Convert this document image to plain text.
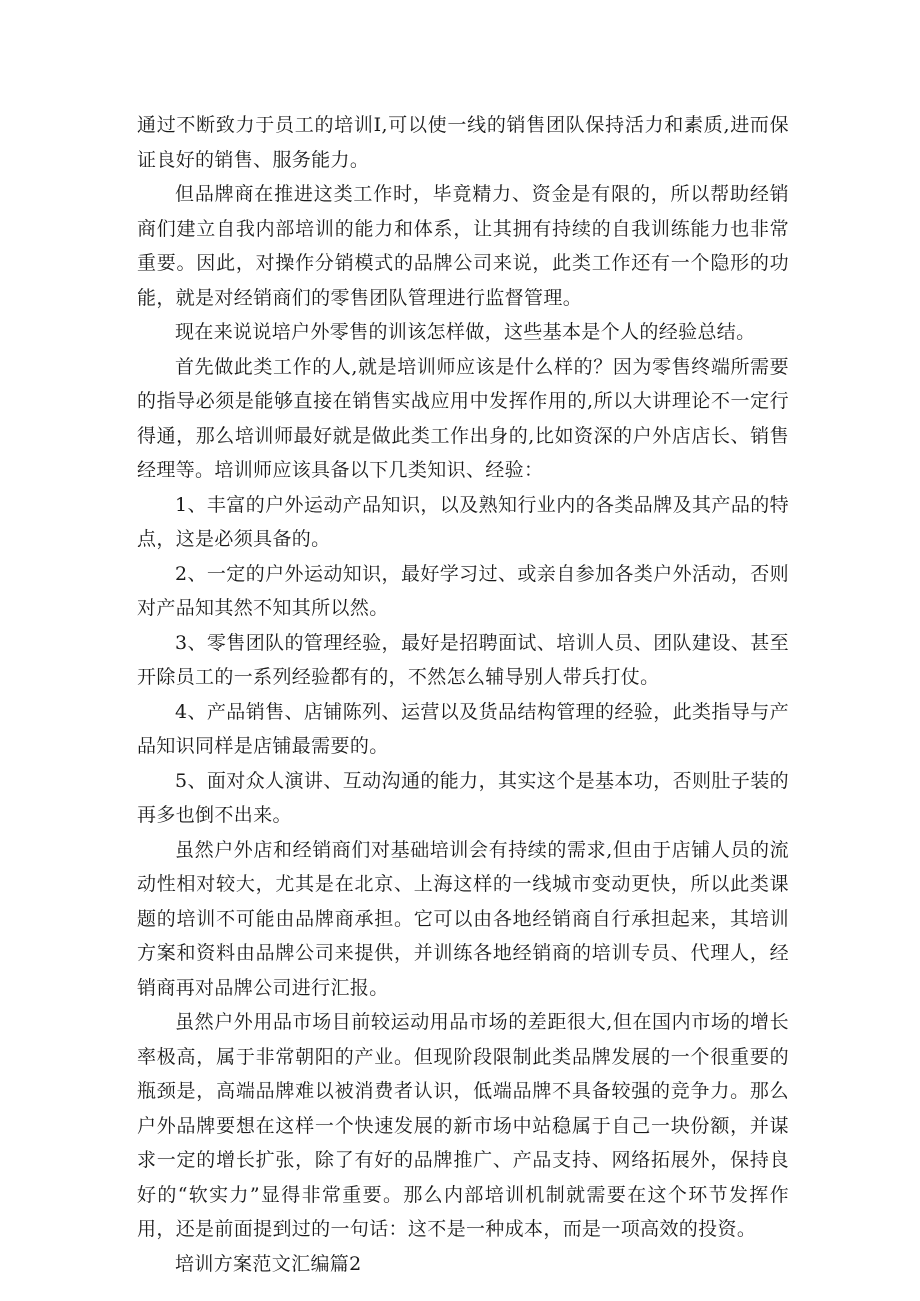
通过不断致力于员工的培训I,可以使一线的销售团队保持活力和素质,进而保证良好的销售、服务能力。

但品牌商在推进这类工作时，毕竟精力、资金是有限的，所以帮助经销商们建立自我内部培训的能力和体系，让其拥有持续的自我训练能力也非常重要。因此，对操作分销模式的品牌公司来说，此类工作还有一个隐形的功能，就是对经销商们的零售团队管理进行监督管理。

现在来说说培户外零售的训该怎样做，这些基本是个人的经验总结。

首先做此类工作的人,就是培训师应该是什么样的？因为零售终端所需要的指导必须是能够直接在销售实战应用中发挥作用的,所以大讲理论不一定行得通，那么培训师最好就是做此类工作出身的,比如资深的户外店店长、销售经理等。培训师应该具备以下几类知识、经验：

1、丰富的户外运动产品知识，以及熟知行业内的各类品牌及其产品的特点，这是必须具备的。

2、一定的户外运动知识，最好学习过、或亲自参加各类户外活动，否则对产品知其然不知其所以然。

3、零售团队的管理经验，最好是招聘面试、培训人员、团队建设、甚至开除员工的一系列经验都有的，不然怎么辅导别人带兵打仗。

4、产品销售、店铺陈列、运营以及货品结构管理的经验，此类指导与产品知识同样是店铺最需要的。

5、面对众人演讲、互动沟通的能力，其实这个是基本功，否则肚子装的再多也倒不出来。

虽然户外店和经销商们对基础培训会有持续的需求,但由于店铺人员的流动性相对较大，尤其是在北京、上海这样的一线城市变动更快，所以此类课题的培训不可能由品牌商承担。它可以由各地经销商自行承担起来，其培训方案和资料由品牌公司来提供，并训练各地经销商的培训专员、代理人，经销商再对品牌公司进行汇报。

虽然户外用品市场目前较运动用品市场的差距很大,但在国内市场的增长率极高，属于非常朝阳的产业。但现阶段限制此类品牌发展的一个很重要的瓶颈是，高端品牌难以被消费者认识，低端品牌不具备较强的竞争力。那么户外品牌要想在这样一个快速发展的新市场中站稳属于自己一块份额，并谋求一定的增长扩张，除了有好的品牌推广、产品支持、网络拓展外，保持良好的“软实力”显得非常重要。那么内部培训机制就需要在这个环节发挥作用，还是前面提到过的一句话：这不是一种成本，而是一项高效的投资。

培训方案范文汇编篇2
